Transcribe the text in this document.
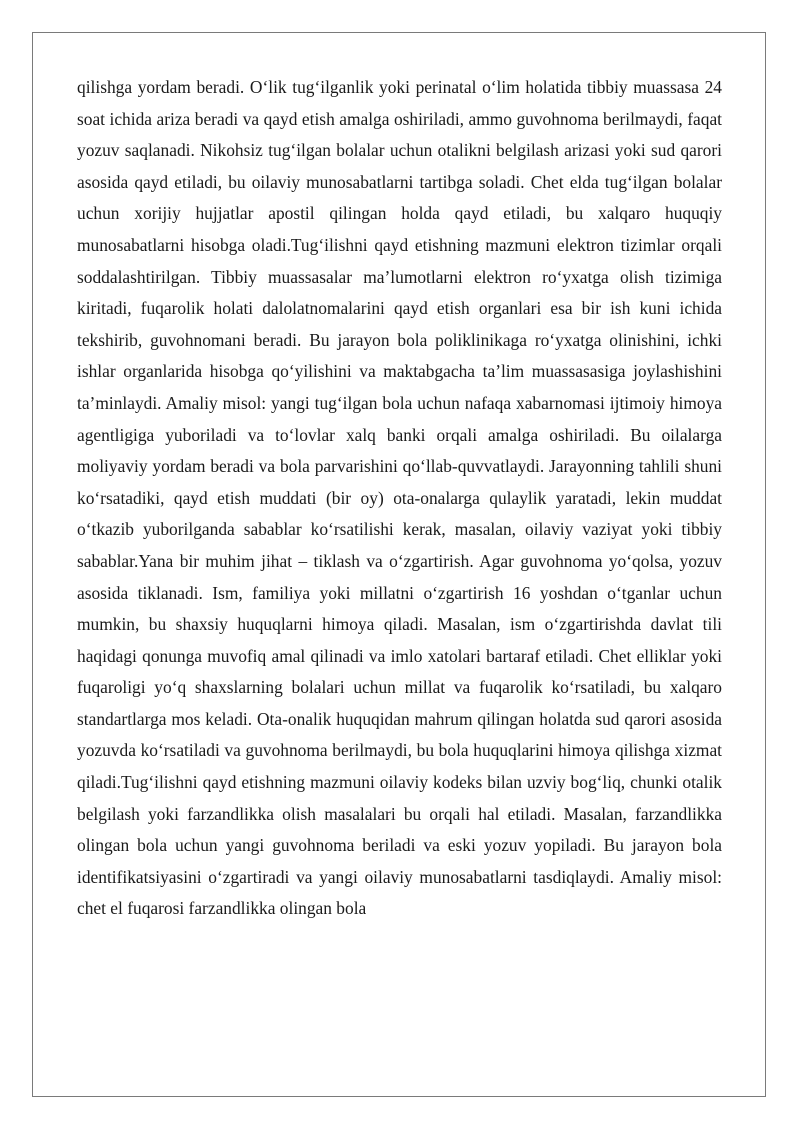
qilishga yordam beradi. O‘lik tug‘ilganlik yoki perinatal o‘lim holatida tibbiy muassasa 24 soat ichida ariza beradi va qayd etish amalga oshiriladi, ammo guvohnoma berilmaydi, faqat yozuv saqlanadi. Nikohsiz tug‘ilgan bolalar uchun otalikni belgilash arizasi yoki sud qarori asosida qayd etiladi, bu oilaviy munosabatlarni tartibga soladi. Chet elda tug‘ilgan bolalar uchun xorijiy hujjatlar apostil qilingan holda qayd etiladi, bu xalqaro huquqiy munosabatlarni hisobga oladi.Tug‘ilishni qayd etishning mazmuni elektron tizimlar orqali soddalashtirilgan. Tibbiy muassasalar ma’lumotlarni elektron ro‘yxatga olish tizimiga kiritadi, fuqarolik holati dalolatnomalarini qayd etish organlari esa bir ish kuni ichida tekshirib, guvohnomani beradi. Bu jarayon bola poliklinikaga ro‘yxatga olinishini, ichki ishlar organlarida hisobga qo‘yilishini va maktabgacha ta’lim muassasasiga joylashishini ta’minlaydi. Amaliy misol: yangi tug‘ilgan bola uchun nafaqa xabarnomasi ijtimoiy himoya agentligiga yuboriladi va to‘lovlar xalq banki orqali amalga oshiriladi. Bu oilalarga moliyaviy yordam beradi va bola parvarishini qo‘llab-quvvatlaydi. Jarayonning tahlili shuni ko‘rsatadiki, qayd etish muddati (bir oy) ota-onalarga qulaylik yaratadi, lekin muddat o‘tkazib yuborilganda sabablar ko‘rsatilishi kerak, masalan, oilaviy vaziyat yoki tibbiy sabablar.Yana bir muhim jihat – tiklash va o‘zgartirish. Agar guvohnoma yo‘qolsa, yozuv asosida tiklanadi. Ism, familiya yoki millatni o‘zgartirish 16 yoshdan o‘tganlar uchun mumkin, bu shaxsiy huquqlarni himoya qiladi. Masalan, ism o‘zgartirishda davlat tili haqidagi qonunga muvofiq amal qilinadi va imlo xatolari bartaraf etiladi. Chet elliklar yoki fuqaroligi yo‘q shaxslarning bolalari uchun millat va fuqarolik ko‘rsatiladi, bu xalqaro standartlarga mos keladi. Ota-onalik huquqidan mahrum qilingan holatda sud qarori asosida yozuvda ko‘rsatiladi va guvohnoma berilmaydi, bu bola huquqlarini himoya qilishga xizmat qiladi.Tug‘ilishni qayd etishning mazmuni oilaviy kodeks bilan uzviy bog‘liq, chunki otalik belgilash yoki farzandlikka olish masalalari bu orqali hal etiladi. Masalan, farzandlikka olingan bola uchun yangi guvohnoma beriladi va eski yozuv yopiladi. Bu jarayon bola identifikatsiyasini o‘zgartiradi va yangi oilaviy munosabatlarni tasdiqlaydi. Amaliy misol: chet el fuqarosi farzandlikka olingan bola
